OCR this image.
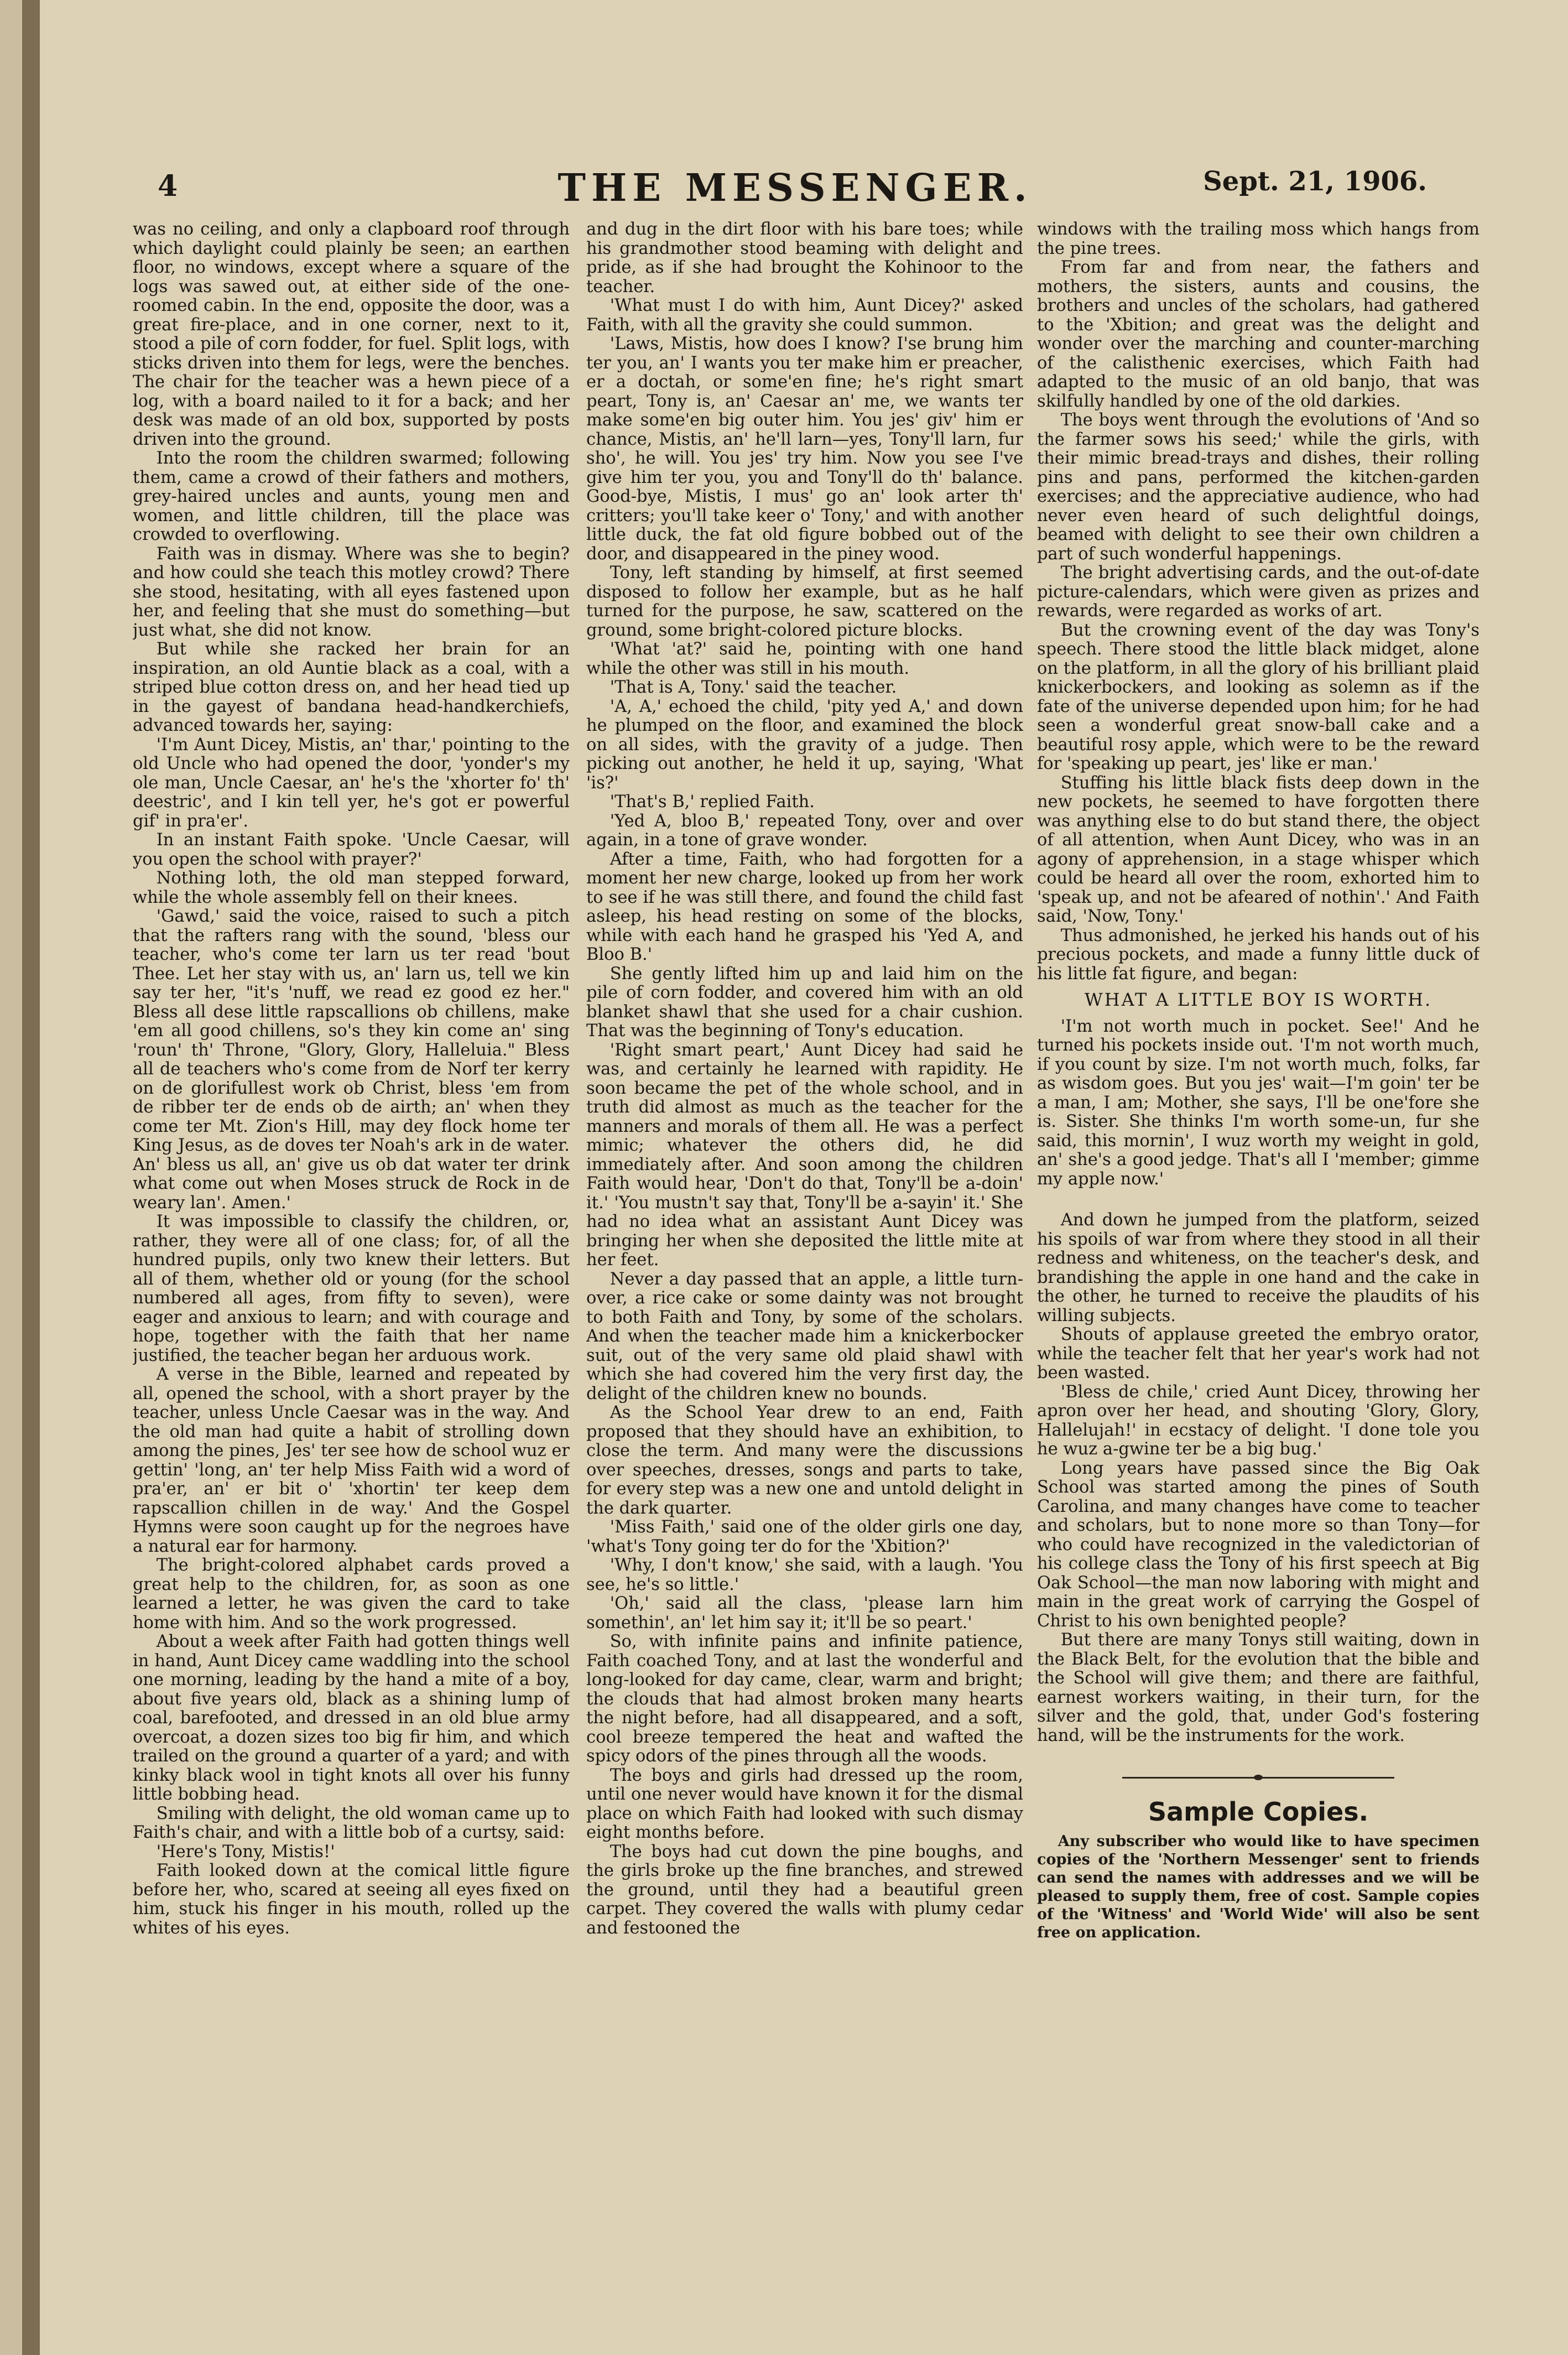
4	THE MESSENGER.	Sept. 21, 1906.

was no ceiling, and only a clapboard roof through which daylight could plainly be seen; an earthen floor, no windows, except where a square of the logs was sawed out, at either side of the one-roomed cabin. In the end, opposite the door, was a great fire-place, and in one corner, next to it, stood a pile of corn fodder, for fuel. Split logs, with sticks driven into them for legs, were the benches. The chair for the teacher was a hewn piece of a log, with a board nailed to it for a back; and her desk was made of an old box, supported by posts driven into the ground.

Into the room the children swarmed; following them, came a crowd of their fathers and mothers, grey-haired uncles and aunts, young men and women, and little children, till the place was crowded to overflowing.

Faith was in dismay. Where was she to begin? and how could she teach this motley crowd? There she stood, hesitating, with all eyes fastened upon her, and feeling that she must do something—but just what, she did not know.

But while she racked her brain for an inspiration, an old Auntie black as a coal, with a striped blue cotton dress on, and her head tied up in the gayest of bandana head-handkerchiefs, advanced towards her, saying:

'I'm Aunt Dicey, Mistis, an' thar,' pointing to the old Uncle who had opened the door, 'yonder's my ole man, Uncle Caesar, an' he's the 'xhorter fo' th' deestric', and I kin tell yer, he's got er powerful gif' in pra'er'.

In an instant Faith spoke. 'Uncle Caesar, will you open the school with prayer?'

Nothing loth, the old man stepped forward, while the whole assembly fell on their knees.

'Gawd,' said the voice, raised to such a pitch that the rafters rang with the sound, 'bless our teacher, who's come ter larn us ter read 'bout Thee. Let her stay with us, an' larn us, tell we kin say ter her, "it's 'nuff, we read ez good ez her." Bless all dese little rapscallions ob chillens, make 'em all good chillens, so's they kin come an' sing 'roun' th' Throne, "Glory, Glory, Halleluia." Bless all de teachers who's come from de Norf ter kerry on de glorifullest work ob Christ, bless 'em from de ribber ter de ends ob de airth; an' when they come ter Mt. Zion's Hill, may dey flock home ter King Jesus, as de doves ter Noah's ark in de water. An' bless us all, an' give us ob dat water ter drink what come out when Moses struck de Rock in de weary lan'. Amen.'

It was impossible to classify the children, or, rather, they were all of one class; for, of all the hundred pupils, only two knew their letters. But all of them, whether old or young (for the school numbered all ages, from fifty to seven), were eager and anxious to learn; and with courage and hope, together with the faith that her name justified, the teacher began her arduous work.

A verse in the Bible, learned and repeated by all, opened the school, with a short prayer by the teacher, unless Uncle Caesar was in the way. And the old man had quite a habit of strolling down among the pines, Jes' ter see how de school wuz er gettin' 'long, an' ter help Miss Faith wid a word of pra'er, an' er bit o' 'xhortin' ter keep dem rapscallion chillen in de way.' And the Gospel Hymns were soon caught up for the negroes have a natural ear for harmony.

The bright-colored alphabet cards proved a great help to the children, for, as soon as one learned a letter, he was given the card to take home with him. And so the work progressed.

About a week after Faith had gotten things well in hand, Aunt Dicey came waddling into the school one morning, leading by the hand a mite of a boy, about five years old, black as a shining lump of coal, barefooted, and dressed in an old blue army overcoat, a dozen sizes too big fir him, and which trailed on the ground a quarter of a yard; and with kinky black wool in tight knots all over his funny little bobbing head.

Smiling with delight, the old woman came up to Faith's chair, and with a little bob of a curtsy, said:

'Here's Tony, Mistis!'

Faith looked down at the comical little figure before her, who, scared at seeing all eyes fixed on him, stuck his finger in his mouth, rolled up the whites of his eyes.

and dug in the dirt floor with his bare toes; while his grandmother stood beaming with delight and pride, as if she had brought the Kohinoor to the teacher.

'What must I do with him, Aunt Dicey?' asked Faith, with all the gravity she could summon.

'Laws, Mistis, how does I know? I'se brung him ter you, an' I wants you ter make him er preacher, er a doctah, or some'en fine; he's right smart peart, Tony is, an' Caesar an' me, we wants ter make some'en big outer him. You jes' giv' him er chance, Mistis, an' he'll larn—yes, Tony'll larn, fur sho', he will. You jes' try him. Now you see I've give him ter you, you and Tony'll do th' balance. Good-bye, Mistis, I mus' go an' look arter th' critters; you'll take keer o' Tony,' and with another little duck, the fat old figure bobbed out of the door, and disappeared in the piney wood.

Tony, left standing by himself, at first seemed disposed to follow her example, but as he half turned for the purpose, he saw, scattered on the ground, some bright-colored picture blocks.

'What 'at?' said he, pointing with one hand while the other was still in his mouth.

'That is A, Tony.' said the teacher.

'A, A,' echoed the child, 'pity yed A,' and down he plumped on the floor, and examined the block on all sides, with the gravity of a judge. Then picking out another, he held it up, saying, 'What 'is?'

'That's B,' replied Faith.

'Yed A, bloo B,' repeated Tony, over and over again, in a tone of grave wonder.

After a time, Faith, who had forgotten for a moment her new charge, looked up from her work to see if he was still there, and found the child fast asleep, his head resting on some of the blocks, while with each hand he grasped his 'Yed A, and Bloo B.'

She gently lifted him up and laid him on the pile of corn fodder, and covered him with an old blanket shawl that she used for a chair cushion. That was the beginning of Tony's education.

'Right smart peart,' Aunt Dicey had said he was, and certainly he learned with rapidity. He soon became the pet of the whole school, and in truth did almost as much as the teacher for the manners and morals of them all. He was a perfect mimic; whatever the others did, he did immediately after. And soon among the children Faith would hear, 'Don't do that, Tony'll be a-doin' it.' 'You mustn't say that, Tony'll be a-sayin' it.' She had no idea what an assistant Aunt Dicey was bringing her when she deposited the little mite at her feet.

Never a day passed that an apple, a little turn-over, a rice cake or some dainty was not brought to both Faith and Tony, by some of the scholars. And when the teacher made him a knickerbocker suit, out of the very same old plaid shawl with which she had covered him the very first day, the delight of the children knew no bounds.

As the School Year drew to an end, Faith proposed that they should have an exhibition, to close the term. And many were the discussions over speeches, dresses, songs and parts to take, for every step was a new one and untold delight in the dark quarter.

'Miss Faith,' said one of the older girls one day, 'what's Tony going ter do for the 'Xbition?'

'Why, I don't know,' she said, with a laugh. 'You see, he's so little.'

'Oh,' said all the class, 'please larn him somethin', an' let him say it; it'll be so peart.'

So, with infinite pains and infinite patience, Faith coached Tony, and at last the wonderful and long-looked for day came, clear, warm and bright; the clouds that had almost broken many hearts the night before, had all disappeared, and a soft, cool breeze tempered the heat and wafted the spicy odors of the pines through all the woods.

The boys and girls had dressed up the room, until one never would have known it for the dismal place on which Faith had looked with such dismay eight months before.

The boys had cut down the pine boughs, and the girls broke up the fine branches, and strewed the ground, until they had a beautiful green carpet. They covered the walls with plumy cedar and festooned the

windows with the trailing moss which hangs from the pine trees.

From far and from near, the fathers and mothers, the sisters, aunts and cousins, the brothers and uncles of the scholars, had gathered to the 'Xbition; and great was the delight and wonder over the marching and counter-marching of the calisthenic exercises, which Faith had adapted to the music of an old banjo, that was skilfully handled by one of the old darkies.

The boys went through the evolutions of 'And so the farmer sows his seed;' while the girls, with their mimic bread-trays and dishes, their rolling pins and pans, performed the kitchen-garden exercises; and the appreciative audience, who had never even heard of such delightful doings, beamed with delight to see their own children a part of such wonderful happenings.

The bright advertising cards, and the out-of-date picture-calendars, which were given as prizes and rewards, were regarded as works of art.

But the crowning event of the day was Tony's speech. There stood the little black midget, alone on the platform, in all the glory of his brilliant plaid knickerbockers, and looking as solemn as if the fate of the universe depended upon him; for he had seen a wonderful great snow-ball cake and a beautiful rosy apple, which were to be the reward for 'speaking up peart, jes' like er man.'

Stuffing his little black fists deep down in the new pockets, he seemed to have forgotten there was anything else to do but stand there, the object of all attention, when Aunt Dicey, who was in an agony of apprehension, in a stage whisper which could be heard all over the room, exhorted him to 'speak up, and not be afeared of nothin'.' And Faith said, 'Now, Tony.'

Thus admonished, he jerked his hands out of his precious pockets, and made a funny little duck of his little fat figure, and began:

WHAT A LITTLE BOY IS WORTH.

'I'm not worth much in pocket. See!' And he turned his pockets inside out. 'I'm not worth much, if you count by size. I'm not worth much, folks, far as wisdom goes. But you jes' wait—I'm goin' ter be a man, I am; Mother, she says, I'll be one'fore she is. Sister. She thinks I'm worth some-un, fur she said, this mornin', I wuz worth my weight in gold, an' she's a good jedge. That's all I 'member; gimme my apple now.'

And down he jumped from the platform, seized his spoils of war from where they stood in all their redness and whiteness, on the teacher's desk, and brandishing the apple in one hand and the cake in the other, he turned to receive the plaudits of his willing subjects.

Shouts of applause greeted the embryo orator, while the teacher felt that her year's work had not been wasted.

'Bless de chile,' cried Aunt Dicey, throwing her apron over her head, and shouting 'Glory, Glory, Hallelujah!' in ecstacy of delight. 'I done tole you he wuz a-gwine ter be a big bug.'

Long years have passed since the Big Oak School was started among the pines of South Carolina, and many changes have come to teacher and scholars, but to none more so than Tony—for who could have recognized in the valedictorian of his college class the Tony of his first speech at Big Oak School—the man now laboring with might and main in the great work of carrying the Gospel of Christ to his own benighted people?

But there are many Tonys still waiting, down in the Black Belt, for the evolution that the bible and the School will give them; and there are faithful, earnest workers waiting, in their turn, for the silver and the gold, that, under God's fostering hand, will be the instruments for the work.

Sample Copies.

Any subscriber who would like to have specimen copies of the 'Northern Messenger' sent to friends can send the names with addresses and we will be pleased to supply them, free of cost. Sample copies of the 'Witness' and 'World Wide' will also be sent free on application.
